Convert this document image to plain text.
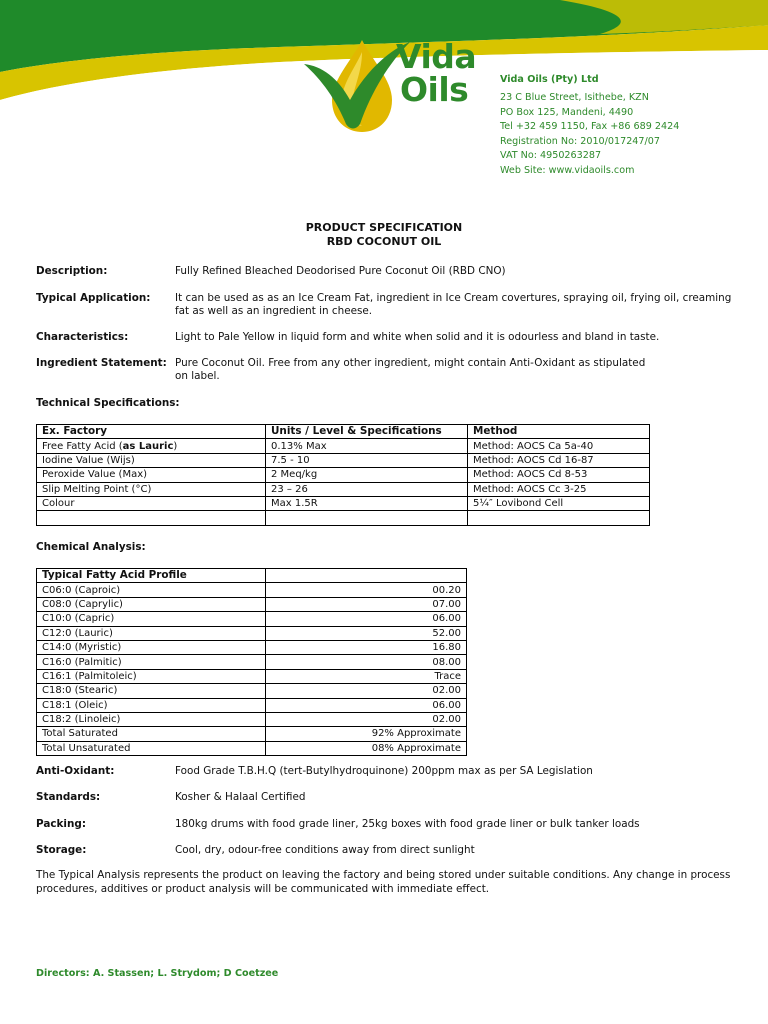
Vida
Oils	Vida Oils (Pty) Ltd
23 C Blue Street, Isithebe, KZN
PO Box 125, Mandeni, 4490
Tel +32 459 1150, Fax +86 689 2424
Registration No: 2010/017247/07
VAT No: 4950263287
Web Site: www.vidaoils.com
PRODUCT SPECIFICATION
RBD COCONUT OIL
Description:	Fully Refined Bleached Deodorised Pure Coconut Oil (RBD CNO)
Typical Application:	It can be used as as an Ice Cream Fat, ingredient in Ice Cream covertures, spraying oil, frying oil, creaming
fat as well as an ingredient in cheese.
Characteristics:	Light to Pale Yellow in liquid form and white when solid and it is odourless and bland in taste.
Ingredient Statement: Pure Coconut Oil. Free from any other ingredient, might contain Anti-Oxidant as stipulated
on label.
Technical Specifications:
Ex. Factory	Units / Level & Specifications	Method
Free Fatty Acid (as Lauric)	0.13% Max	Method: AOCS Ca 5a-40
Iodine Value (Wijs)	7.5 - 10	Method: AOCS Cd 16-87
Peroxide Value (Max)	2 Meq/kg	Method: AOCS Cd 8-53
Slip Melting Point (°C)	23 – 26	Method: AOCS Cc 3-25
Colour	Max 1.5R	5¼″ Lovibond Cell

Chemical Analysis:
Typical Fatty Acid Profile	
C06:0 (Caproic)	00.20
C08:0 (Caprylic)	07.00
C10:0 (Capric)	06.00
C12:0 (Lauric)	52.00
C14:0 (Myristic)	16.80
C16:0 (Palmitic)	08.00
C16:1 (Palmitoleic)	Trace
C18:0 (Stearic)	02.00
C18:1 (Oleic)	06.00
C18:2 (Linoleic)	02.00
Total Saturated	92% Approximate
Total Unsaturated	08% Approximate
Anti-Oxidant:	Food Grade T.B.H.Q (tert-Butylhydroquinone) 200ppm max as per SA Legislation
Standards:	Kosher & Halaal Certified
Packing:	180kg drums with food grade liner, 25kg boxes with food grade liner or bulk tanker loads
Storage:	Cool, dry, odour-free conditions away from direct sunlight
The Typical Analysis represents the product on leaving the factory and being stored under suitable conditions. Any change in process
procedures, additives or product analysis will be communicated with immediate effect.
Directors: A. Stassen; L. Strydom; D Coetzee
